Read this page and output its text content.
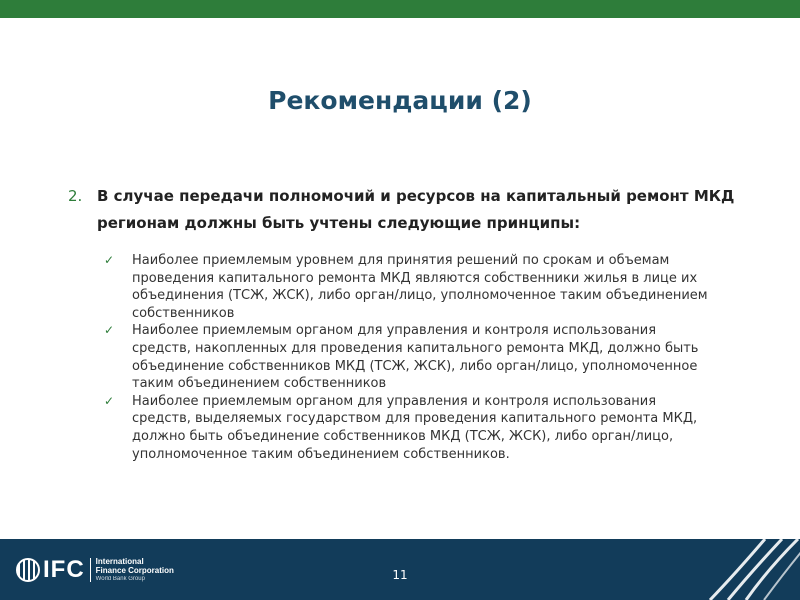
Рекомендации (2)
2. В случае передачи полномочий и ресурсов на капитальный ремонт МКД регионам должны быть учтены следующие принципы:
✓ Наиболее приемлемым уровнем для принятия решений по срокам и объемам проведения капитального ремонта МКД являются собственники жилья в лице их объединения (ТСЖ, ЖСК), либо орган/лицо, уполномоченное таким объединением собственников
✓ Наиболее приемлемым органом для управления и контроля использования средств, накопленных для проведения капитального ремонта МКД, должно быть объединение собственников МКД (ТСЖ, ЖСК), либо орган/лицо, уполномоченное таким объединением собственников
✓ Наиболее приемлемым органом для управления и контроля использования средств, выделяемых государством для проведения капитального ремонта МКД, должно быть объединение собственников МКД (ТСЖ, ЖСК), либо орган/лицо, уполномоченное таким объединением собственников.
IFC	International
Finance Corporation
World Bank Group	11
